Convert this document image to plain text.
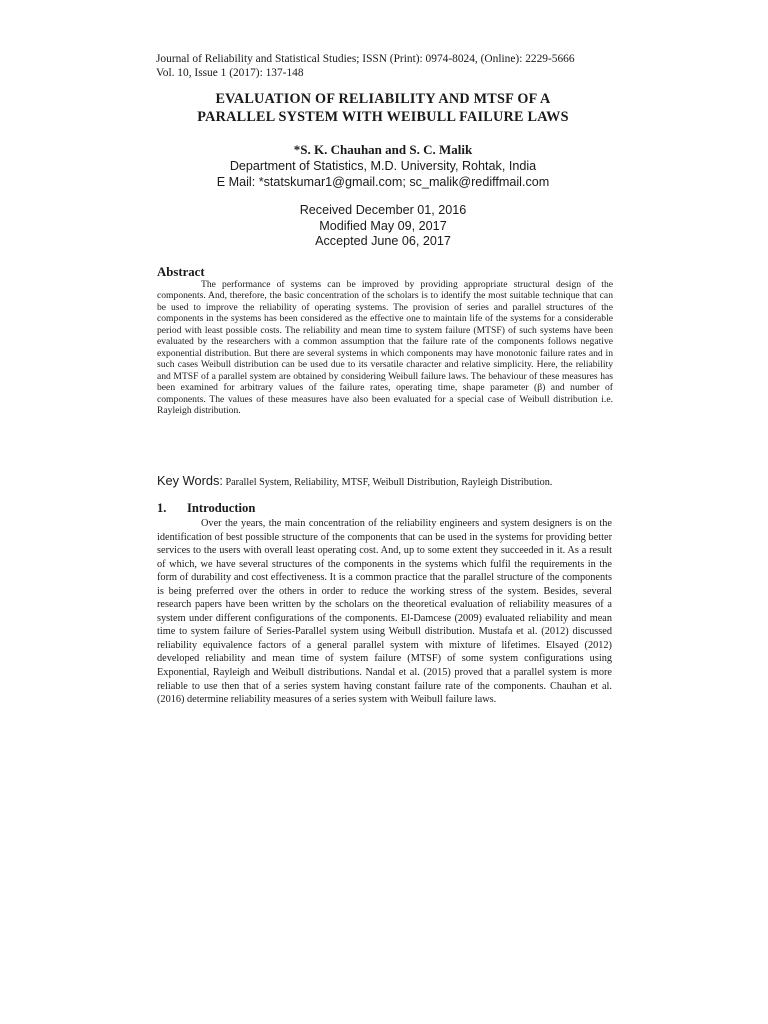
Journal of Reliability and Statistical Studies; ISSN (Print): 0974-8024, (Online): 2229-5666
Vol. 10, Issue 1 (2017): 137-148
EVALUATION OF RELIABILITY AND MTSF OF A
PARALLEL SYSTEM WITH WEIBULL FAILURE LAWS
*S. K. Chauhan and S. C. Malik
Department of Statistics, M.D. University, Rohtak, India
E Mail: *statskumar1@gmail.com; sc_malik@rediffmail.com
Received December 01, 2016
Modified May 09, 2017
Accepted June 06, 2017
Abstract
The performance of systems can be improved by providing appropriate structural design of the components. And, therefore, the basic concentration of the scholars is to identify the most suitable technique that can be used to improve the reliability of operating systems. The provision of series and parallel structures of the components in the systems has been considered as the effective one to maintain life of the systems for a considerable period with least possible costs. The reliability and mean time to system failure (MTSF) of such systems have been evaluated by the researchers with a common assumption that the failure rate of the components follows negative exponential distribution. But there are several systems in which components may have monotonic failure rates and in such cases Weibull distribution can be used due to its versatile character and relative simplicity. Here, the reliability and MTSF of a parallel system are obtained by considering Weibull failure laws. The behaviour of these measures has been examined for arbitrary values of the failure rates, operating time, shape parameter (β) and number of components. The values of these measures have also been evaluated for a special case of Weibull distribution i.e. Rayleigh distribution.
Key Words: Parallel System, Reliability, MTSF, Weibull Distribution, Rayleigh Distribution.
1. Introduction
Over the years, the main concentration of the reliability engineers and system designers is on the identification of best possible structure of the components that can be used in the systems for providing better services to the users with overall least operating cost. And, up to some extent they succeeded in it. As a result of which, we have several structures of the components in the systems which fulfil the requirements in the form of durability and cost effectiveness. It is a common practice that the parallel structure of the components is being preferred over the others in order to reduce the working stress of the system. Besides, several research papers have been written by the scholars on the theoretical evaluation of reliability measures of a system under different configurations of the components. El-Damcese (2009) evaluated reliability and mean time to system failure of Series-Parallel system using Weibull distribution. Mustafa et al. (2012) discussed reliability equivalence factors of a general parallel system with mixture of lifetimes. Elsayed (2012) developed reliability and mean time of system failure (MTSF) of some system configurations using Exponential, Rayleigh and Weibull distributions. Nandal et al. (2015) proved that a parallel system is more reliable to use then that of a series system having constant failure rate of the components. Chauhan et al. (2016) determine reliability measures of a series system with Weibull failure laws.
